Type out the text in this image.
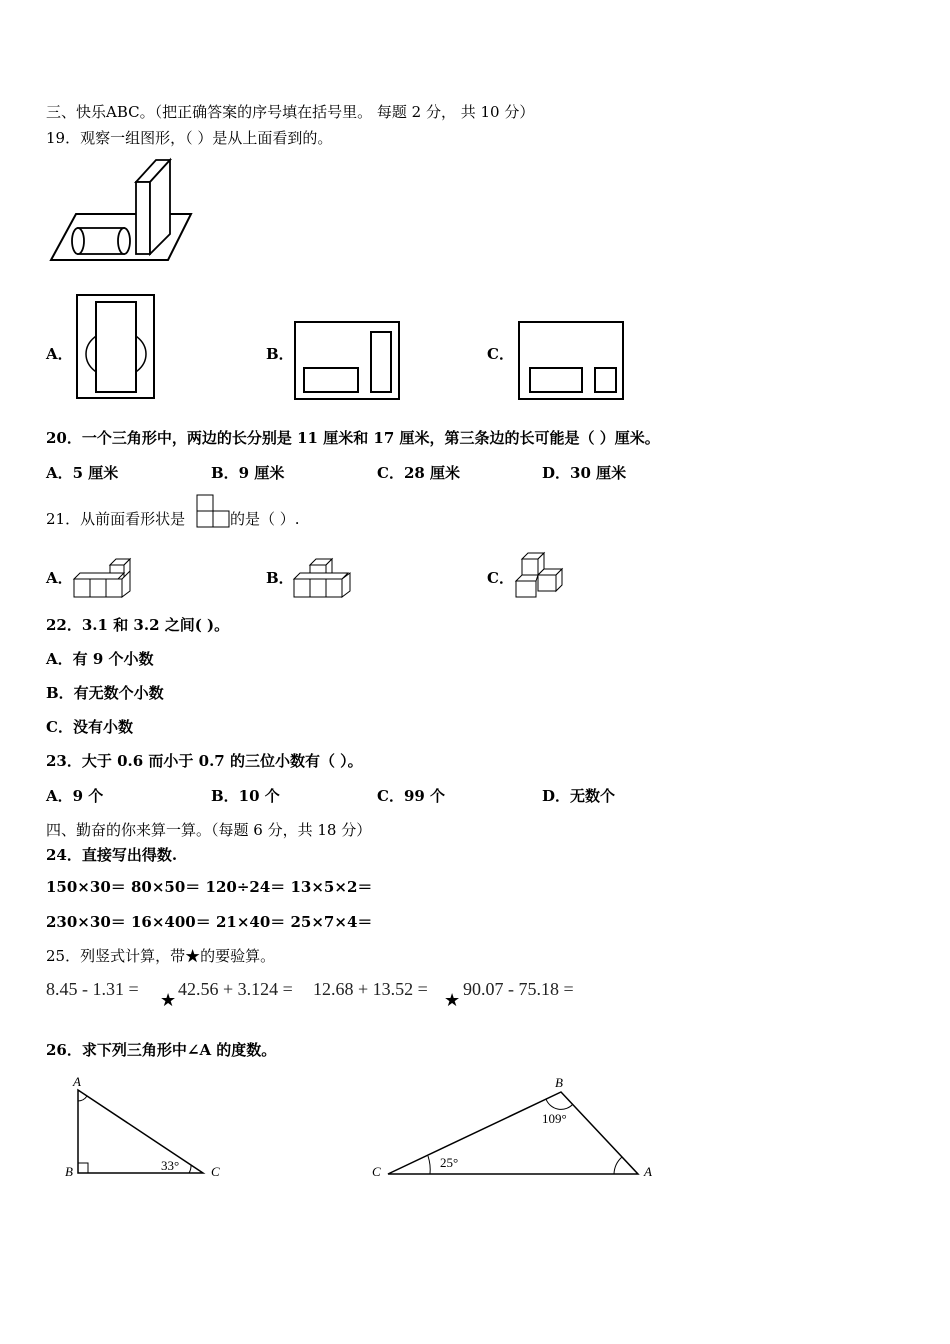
三、快乐ABC。（把正确答案的序号填在括号里。 每题 2 分， 共 10 分）
19．观察一组图形，（ ）是从上面看到的。
A．	B．	C．
20．一个三角形中，两边的长分别是 11 厘米和 17 厘米，第三条边的长可能是（ ）厘米。
A．5 厘米	B．9 厘米	C．28 厘米	D．30 厘米
21．从前面看形状是	的是（ ）.
A．	B．	C．
22．3.1 和 3.2 之间( )。
A．有 9 个小数
B．有无数个小数
C．没有小数
23．大于 0.6 而小于 0.7 的三位小数有（ ）。
A．9 个	B．10 个	C．99 个	D．无数个
四、勤奋的你来算一算。（每题 6 分，共 18 分）
24．直接写出得数.
150×30＝ 80×50＝ 120÷24＝ 13×5×2＝
230×30＝ 16×400＝ 21×40＝ 25×7×4＝
25．列竖式计算，带★的要验算。
8.45 - 1.31 =
★
42.56 + 3.124 = 12.68 + 13.52 =
★
90.07 - 75.18 =
26．求下列三角形中∠A 的度数。
A
B	C
33°
B
C	A
109°
25°
